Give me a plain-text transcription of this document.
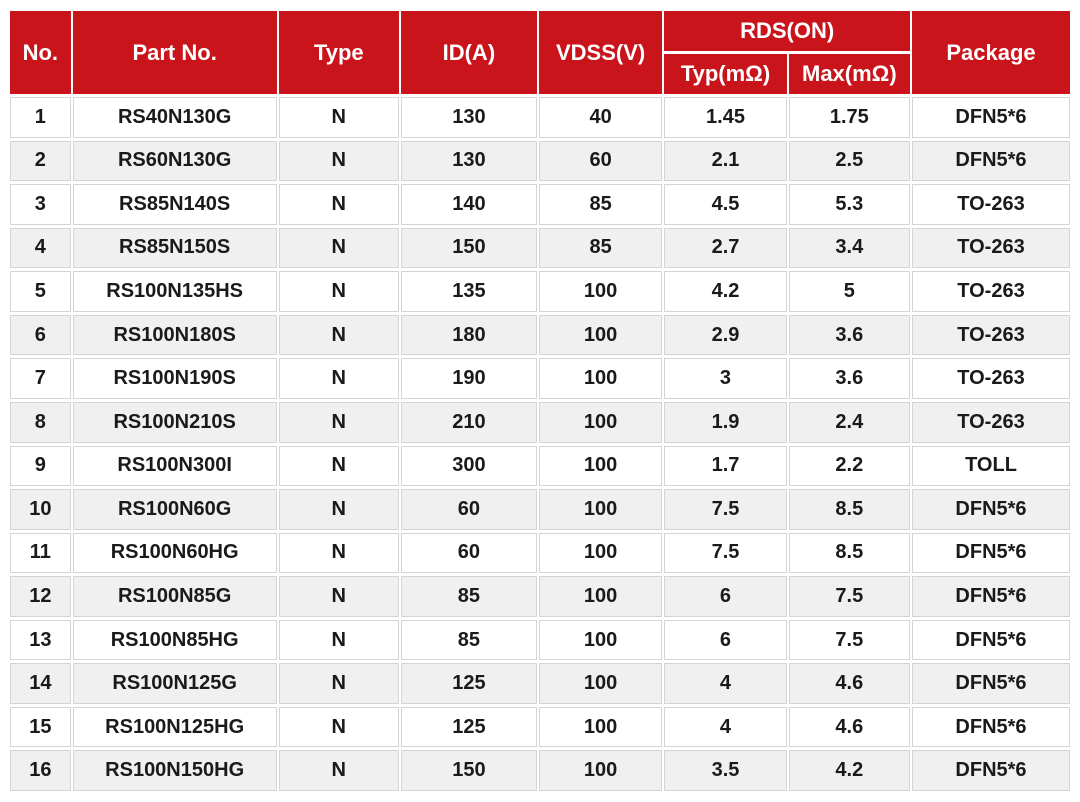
No.	Part No.	Type	ID(A)	VDSS(V)	RDS(ON)		Package
					Typ(mΩ)	Max(mΩ)	
1	RS40N130G	N	130	40	1.45	1.75	DFN5*6
2	RS60N130G	N	130	60	2.1	2.5	DFN5*6
3	RS85N140S	N	140	85	4.5	5.3	TO-263
4	RS85N150S	N	150	85	2.7	3.4	TO-263
5	RS100N135HS	N	135	100	4.2	5	TO-263
6	RS100N180S	N	180	100	2.9	3.6	TO-263
7	RS100N190S	N	190	100	3	3.6	TO-263
8	RS100N210S	N	210	100	1.9	2.4	TO-263
9	RS100N300I	N	300	100	1.7	2.2	TOLL
10	RS100N60G	N	60	100	7.5	8.5	DFN5*6
11	RS100N60HG	N	60	100	7.5	8.5	DFN5*6
12	RS100N85G	N	85	100	6	7.5	DFN5*6
13	RS100N85HG	N	85	100	6	7.5	DFN5*6
14	RS100N125G	N	125	100	4	4.6	DFN5*6
15	RS100N125HG	N	125	100	4	4.6	DFN5*6
16	RS100N150HG	N	150	100	3.5	4.2	DFN5*6
